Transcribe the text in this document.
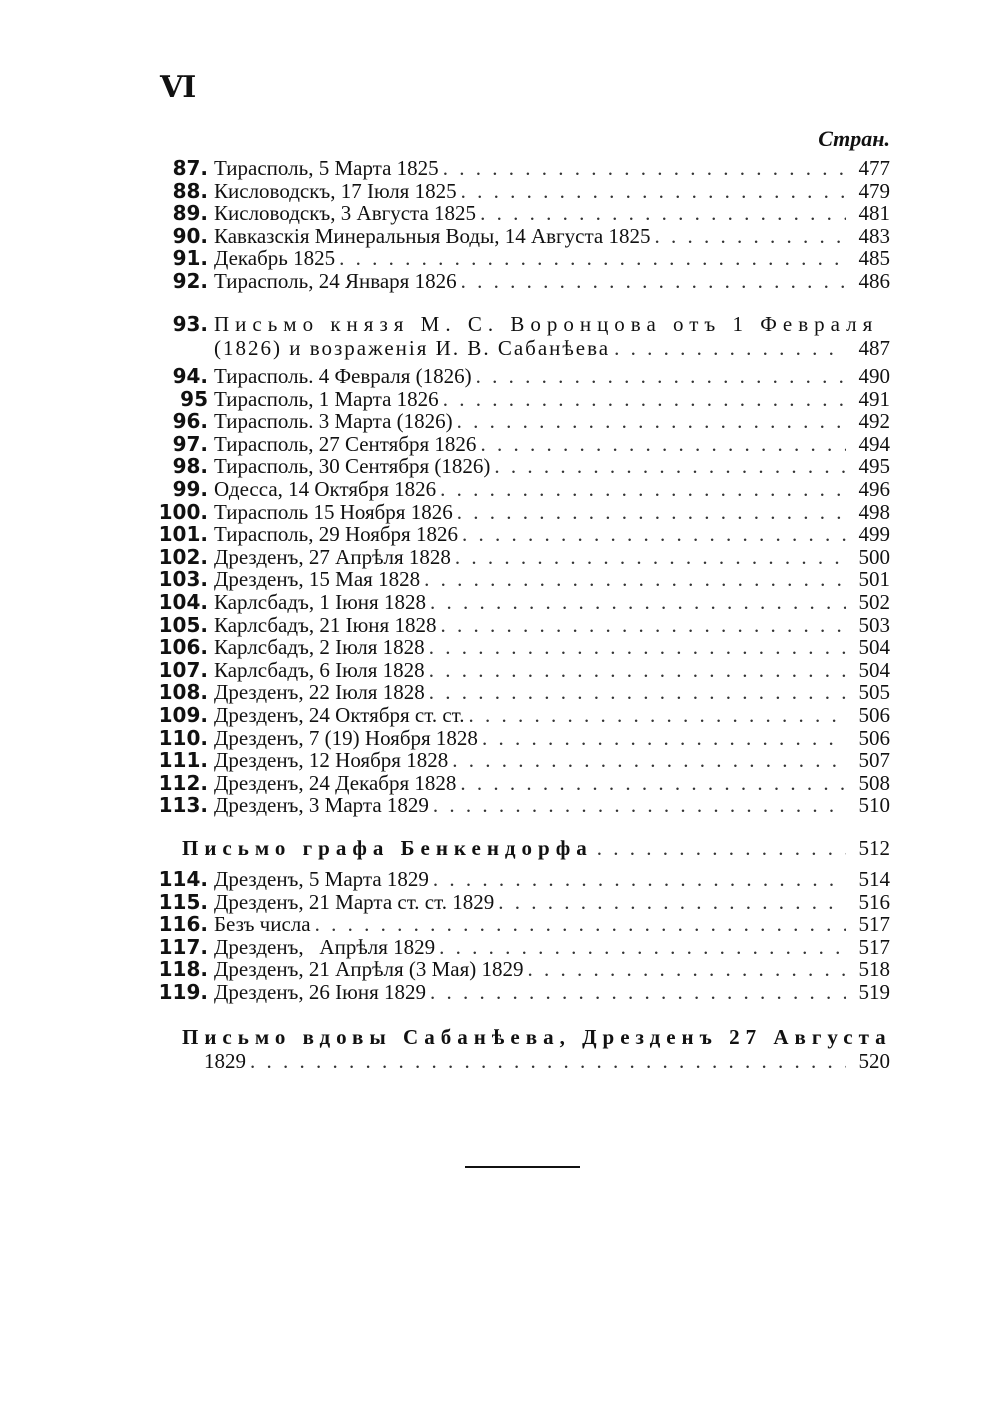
VI
Стран.
87. Тирасполь, 5 Марта 1825 . . .	477
88. Кисловодскъ, 17 Іюля 1825 . . .	479
89. Кисловодскъ, 3 Августа 1825 . . .	481
90. Кавказскія Минеральныя Воды, 14 Августа 1825 . . .	483
91. Декабрь 1825 . . .	485
92. Тирасполь, 24 Января 1826 . . .	486
93. Письмо князя М. С. Воронцова отъ 1 Февраля
(1826) и возраженія И. В. Сабанѣева . . .	487
94. Тирасполь. 4 Февраля (1826) . . .	490
95 Тирасполь, 1 Марта 1826 . . .	491
96. Тирасполь. 3 Марта (1826) . . .	492
97. Тирасполь, 27 Сентября 1826 . . .	494
98. Тирасполь, 30 Сентября (1826) . . .	495
99. Одесса, 14 Октября 1826 . . .	496
100. Тирасполь 15 Ноября 1826 . . .	498
101. Тирасполь, 29 Ноября 1826 . . .	499
102. Дрезденъ, 27 Апрѣля 1828 . . .	500
103. Дрезденъ, 15 Мая 1828 . . .	501
104. Карлсбадъ, 1 Іюня 1828 . . .	502
105. Карлсбадъ, 21 Іюня 1828 . . .	503
106. Карлсбадъ, 2 Іюля 1828 . . .	504
107. Карлсбадъ, 6 Іюля 1828 . . .	504
108. Дрезденъ, 22 Іюля 1828 . . .	505
109. Дрезденъ, 24 Октября ст. ст. . . .	506
110. Дрезденъ, 7 (19) Ноября 1828 . . .	506
111. Дрезденъ, 12 Ноября 1828 . . .	507
112. Дрезденъ, 24 Декабря 1828 . . .	508
113. Дрезденъ, 3 Марта 1829 . . .	510
Письмо графа Бенкендорфа . . .	512
114. Дрезденъ, 5 Марта 1829 . . .	514
115. Дрезденъ, 21 Марта ст. ст. 1829 . . .	516
116. Безъ числа . . .	517
117. Дрезденъ,   Апрѣля 1829 . . .	517
118. Дрезденъ, 21 Апрѣля (3 Мая) 1829 . . .	518
119. Дрезденъ, 26 Іюня 1829 . . .	519
Письмо вдовы Сабанѣева, Дрезденъ 27 Августа
1829 . . .	520
